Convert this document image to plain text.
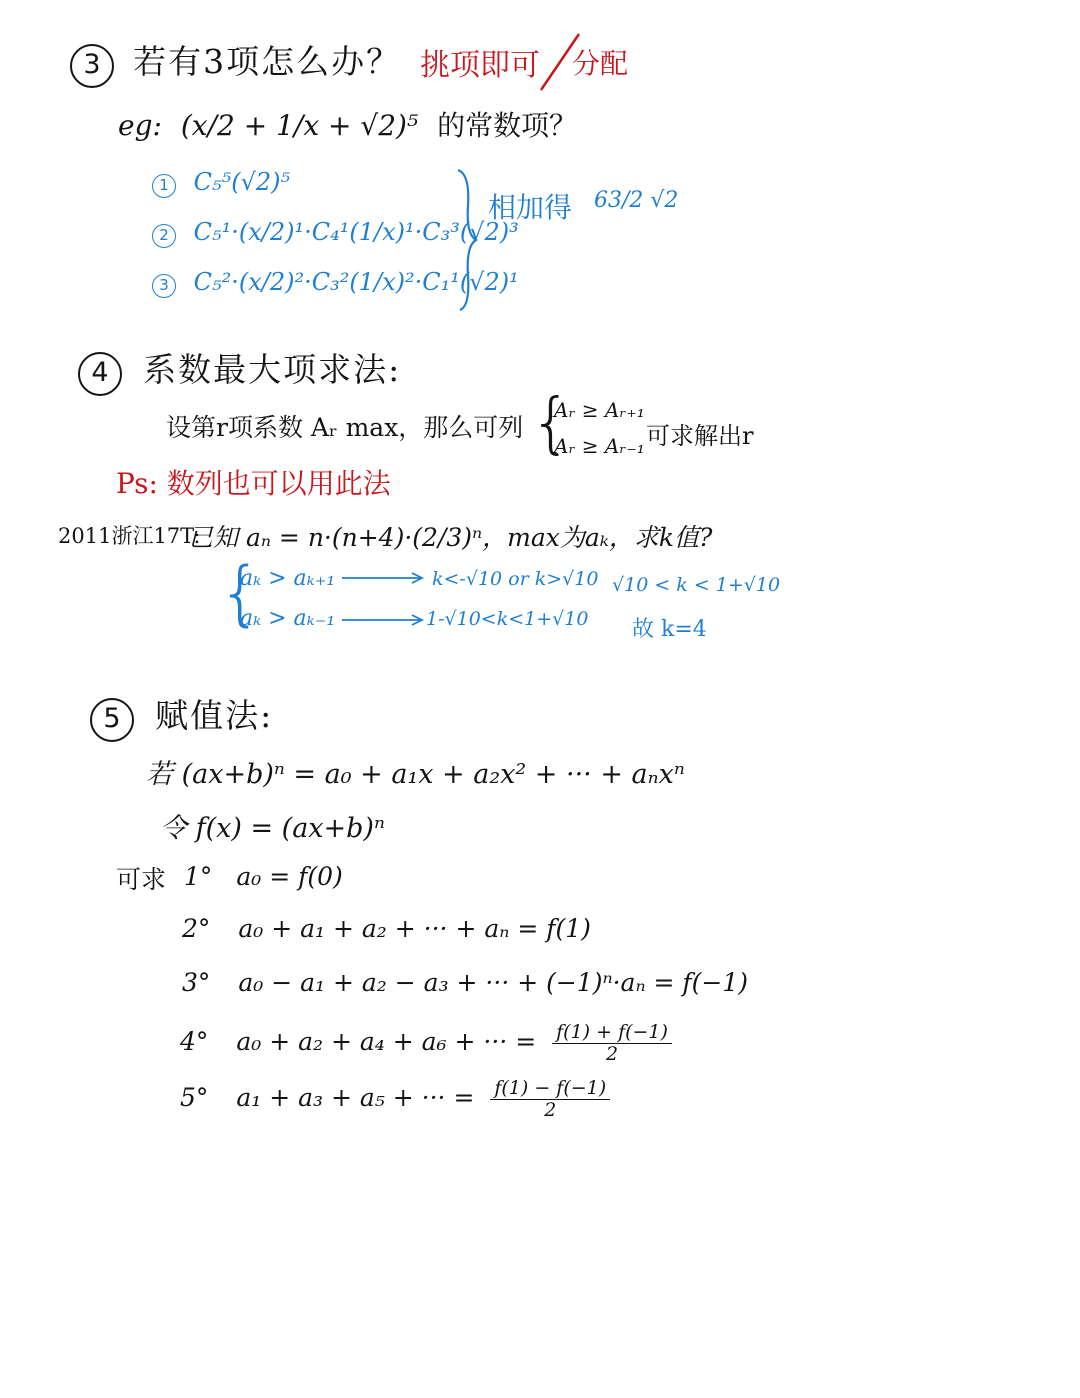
3 若有3项怎么办？ 挑项即可 分配
eg: (x/2 + 1/x + √2)⁵ 的常数项？
1 C₅⁵(√2)⁵
2 C₅¹·(x/2)¹·C₄¹(1/x)¹·C₃³(√2)³
3 C₅²·(x/2)²·C₃²(1/x)²·C₁¹(√2)¹
相加得 63/2 √2
4 系数最大项求法:
设第r项系数 Aᵣ max，那么可列 {
Aᵣ ≥ Aᵣ₊₁
Aᵣ ≥ Aᵣ₋₁ 可求解出r
Ps: 数列也可以用此法
2011浙江17T:
已知 aₙ = n·(n+4)·(2/3)ⁿ，max为aₖ，求k值?
{
aₖ > aₖ₊₁
aₖ > aₖ₋₁
k<-√10 or k>√10
1-√10<k<1+√10
√10 < k < 1+√10
故 k=4
5 赋值法:
若 (ax+b)ⁿ = a₀ + a₁x + a₂x² + ··· + aₙxⁿ
令 f(x) = (ax+b)ⁿ
可求 1° a₀ = f(0)
2° a₀ + a₁ + a₂ + ··· + aₙ = f(1)
3° a₀ − a₁ + a₂ − a₃ + ··· + (−1)ⁿ·aₙ = f(−1)
4° a₀ + a₂ + a₄ + a₆ + ··· = $\frac{f(1) + f(-1)}{2}$
5° a₁ + a₃ + a₅ + ··· = $\frac{f(1) - f(-1)}{2}$
